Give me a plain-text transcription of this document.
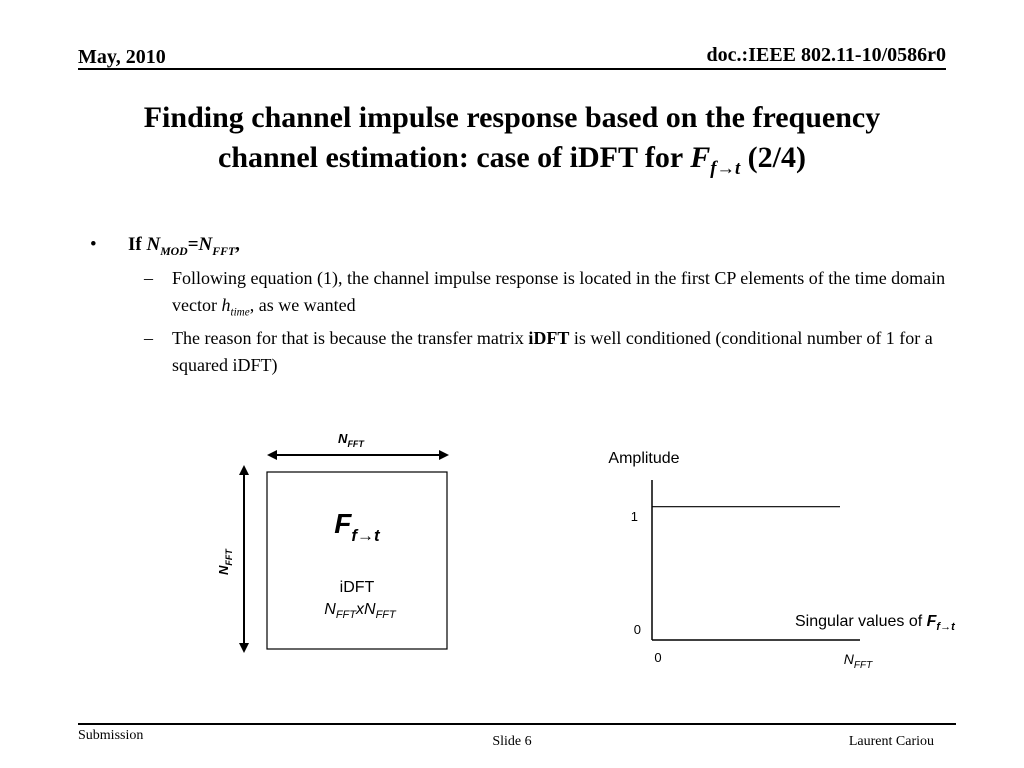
May, 2010	doc.:IEEE 802.11-10/0586r0
Finding channel impulse response based on the frequency
channel estimation: case of iDFT for $F_{f\to t}$ (2/4)
• If $N_{MOD}=N_{FFT}$,
– Following equation (1), the channel impulse response is located in the first CP elements of the time domain vector $h_{time}$, as we wanted
– The reason for that is because the transfer matrix iDFT is well conditioned (conditional number of 1 for a squared iDFT)
$N_{FFT}$
$N_{FFT}$
$F_{f\to t}$
iDFT
$N_{FFT}xN_{FFT}$
Amplitude
1
0
0	$N_{FFT}$
Singular values of $F_{f\to t}$
Submission	Slide 6	Laurent Cariou
